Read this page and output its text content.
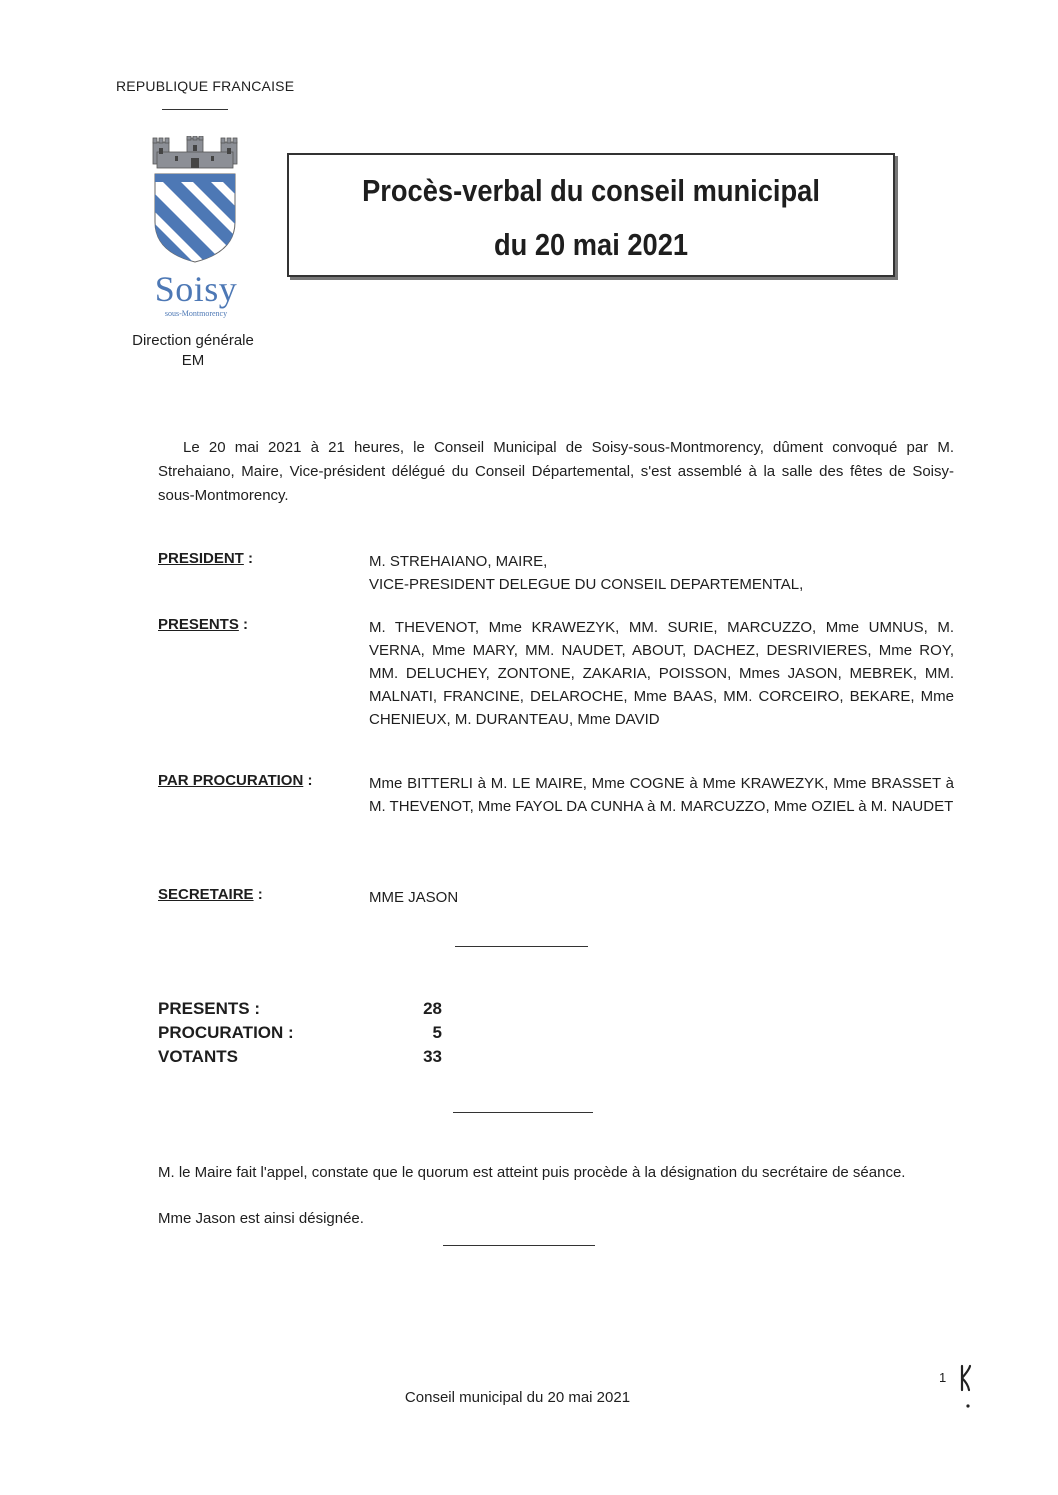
REPUBLIQUE FRANCAISE
Soisy
sous-Montmorency
Direction générale
EM
Procès-verbal du conseil municipal
du 20 mai 2021
Le 20 mai 2021 à 21 heures, le Conseil Municipal de Soisy-sous-Montmorency, dûment convoqué par M. Strehaiano, Maire, Vice-président délégué du Conseil Départemental, s'est assemblé à la salle des fêtes de Soisy-sous-Montmorency.
PRESIDENT :	M. STREHAIANO, MAIRE,
VICE-PRESIDENT DELEGUE DU CONSEIL DEPARTEMENTAL,
PRESENTS :	M. THEVENOT, Mme KRAWEZYK, MM. SURIE, MARCUZZO, Mme UMNUS, M. VERNA, Mme MARY, MM. NAUDET, ABOUT, DACHEZ, DESRIVIERES, Mme ROY, MM. DELUCHEY, ZONTONE, ZAKARIA, POISSON, Mmes JASON, MEBREK, MM. MALNATI, FRANCINE, DELAROCHE, Mme BAAS, MM. CORCEIRO, BEKARE, Mme CHENIEUX, M. DURANTEAU, Mme DAVID
PAR PROCURATION :	Mme BITTERLI à M. LE MAIRE, Mme COGNE à Mme KRAWEZYK, Mme BRASSET à M. THEVENOT, Mme FAYOL DA CUNHA à M. MARCUZZO, Mme OZIEL à M. NAUDET
SECRETAIRE :	MME JASON
PRESENTS :	28
PROCURATION :	5
VOTANTS	33
M. le Maire fait l'appel, constate que le quorum est atteint puis procède à la désignation du secrétaire de séance.
Mme Jason est ainsi désignée.
1
Conseil municipal du 20 mai 2021
